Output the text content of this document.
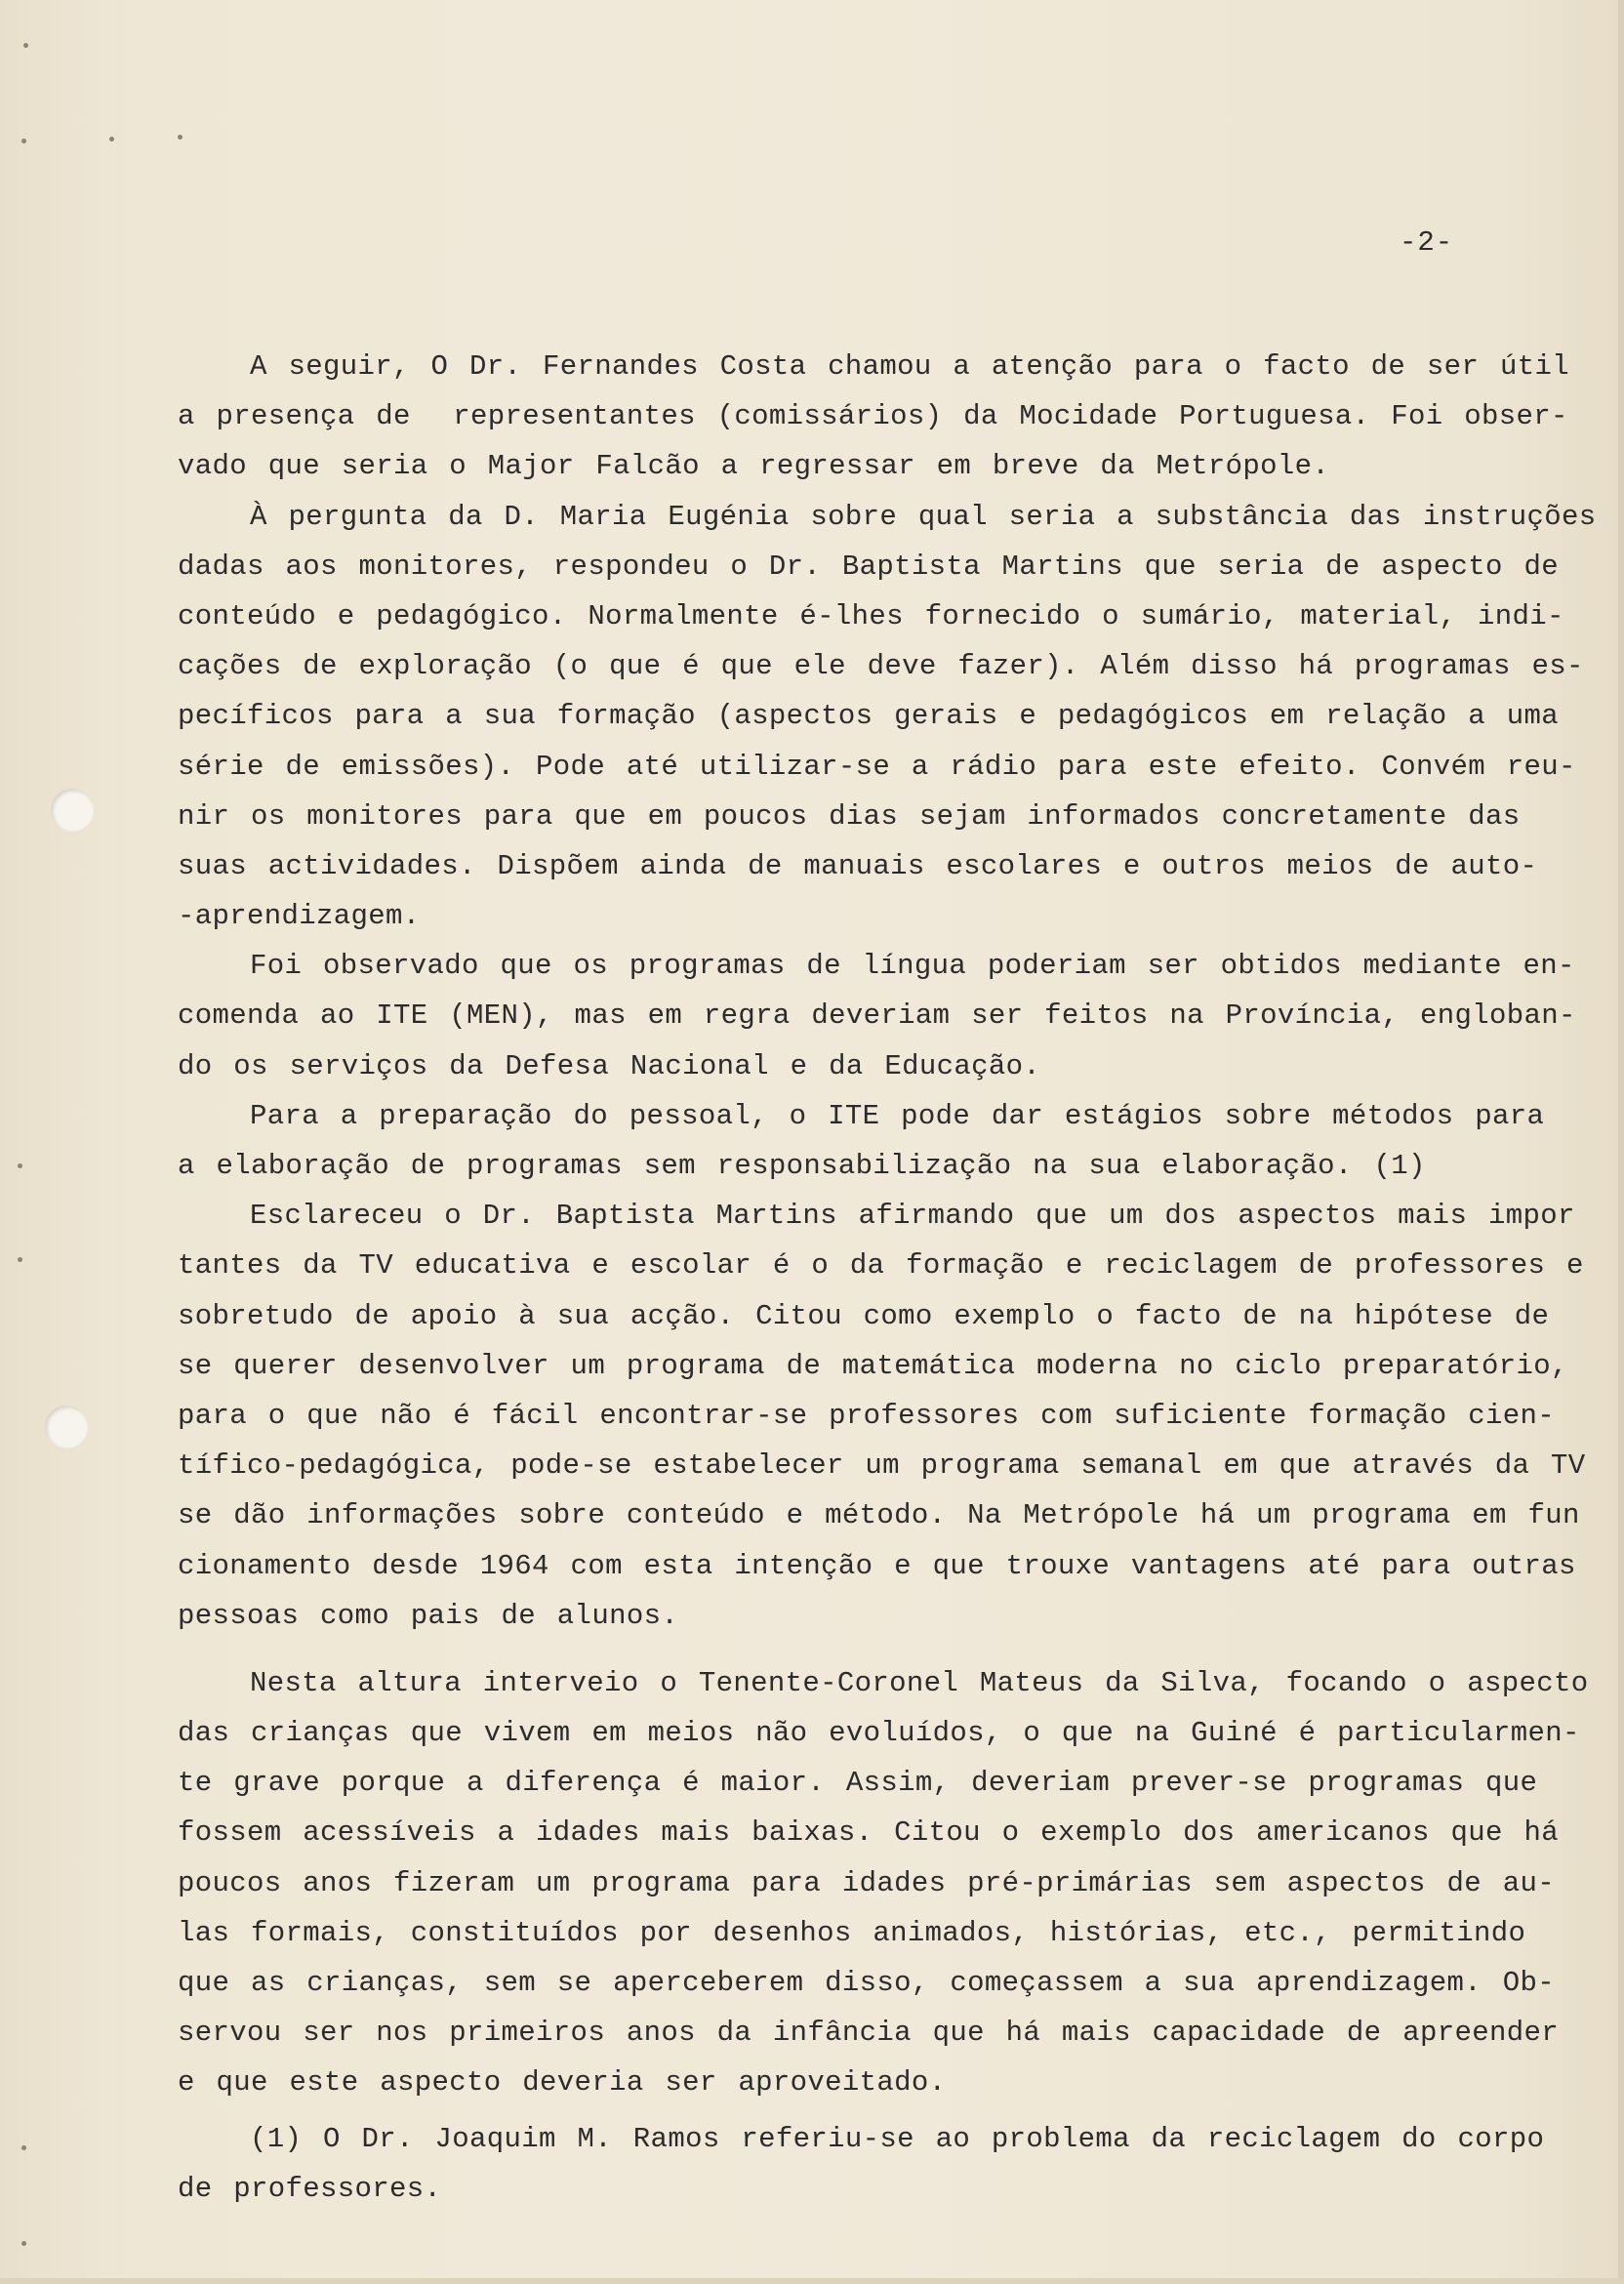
-2-
A seguir, O Dr. Fernandes Costa chamou a atenção para o facto de ser útil
a presença de  representantes (comissários) da Mocidade Portuguesa. Foi obser-
vado que seria o Major Falcão a regressar em breve da Metrópole.
À pergunta da D. Maria Eugénia sobre qual seria a substância das instruções
dadas aos monitores, respondeu o Dr. Baptista Martins que seria de aspecto de
conteúdo e pedagógico. Normalmente é-lhes fornecido o sumário, material, indi-
cações de exploração (o que é que ele deve fazer). Além disso há programas es-
pecíficos para a sua formação (aspectos gerais e pedagógicos em relação a uma
série de emissões). Pode até utilizar-se a rádio para este efeito. Convém reu-
nir os monitores para que em poucos dias sejam informados concretamente das
suas actividades. Dispõem ainda de manuais escolares e outros meios de auto-
-aprendizagem.
Foi observado que os programas de língua poderiam ser obtidos mediante en-
comenda ao ITE (MEN), mas em regra deveriam ser feitos na Província, engloban-
do os serviços da Defesa Nacional e da Educação.
Para a preparação do pessoal, o ITE pode dar estágios sobre métodos para
a elaboração de programas sem responsabilização na sua elaboração. (1)
Esclareceu o Dr. Baptista Martins afirmando que um dos aspectos mais impor
tantes da TV educativa e escolar é o da formação e reciclagem de professores e
sobretudo de apoio à sua acção. Citou como exemplo o facto de na hipótese de
se querer desenvolver um programa de matemática moderna no ciclo preparatório,
para o que não é fácil encontrar-se professores com suficiente formação cien-
tífico-pedagógica, pode-se estabelecer um programa semanal em que através da TV
se dão informações sobre conteúdo e método. Na Metrópole há um programa em fun
cionamento desde 1964 com esta intenção e que trouxe vantagens até para outras
pessoas como pais de alunos.
Nesta altura interveio o Tenente-Coronel Mateus da Silva, focando o aspecto
das crianças que vivem em meios não evoluídos, o que na Guiné é particularmen-
te grave porque a diferença é maior. Assim, deveriam prever-se programas que
fossem acessíveis a idades mais baixas. Citou o exemplo dos americanos que há
poucos anos fizeram um programa para idades pré-primárias sem aspectos de au-
las formais, constituídos por desenhos animados, histórias, etc., permitindo
que as crianças, sem se aperceberem disso, começassem a sua aprendizagem. Ob-
servou ser nos primeiros anos da infância que há mais capacidade de apreender
e que este aspecto deveria ser aproveitado.
(1) O Dr. Joaquim M. Ramos referiu-se ao problema da reciclagem do corpo
de professores.
